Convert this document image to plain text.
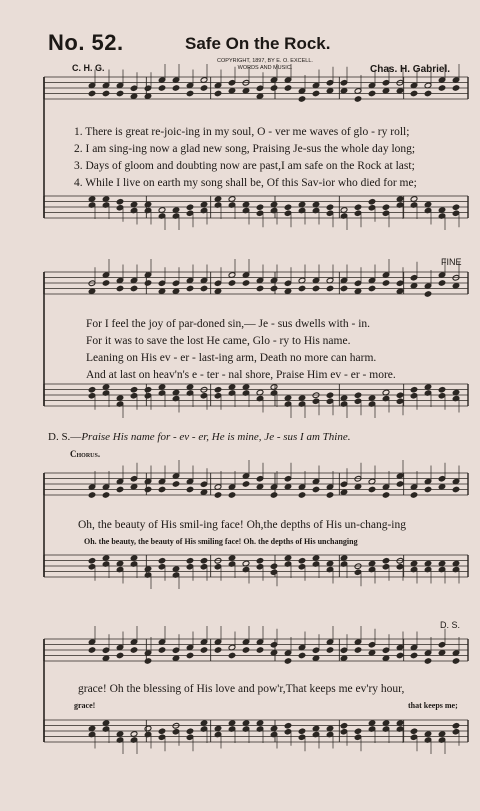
No. 52.	Safe On the Rock.
COPYRIGHT, 1897, BY E. O. EXCELL.
WORDS AND MUSIC.
C. H. G.	Chas. H. Gabriel.
1. There is great re-joic-ing in my soul, O - ver me waves of glo - ry roll;
2. I am sing-ing now a glad new song, Praising Je-sus the whole day long;
3. Days of gloom and doubting now are past,I am safe on the Rock at last;
4. While I live on earth my song shall be, Of this Sav-ior who died for me;
FINE
For I feel the joy of par-doned sin,— Je - sus dwells with - in.
For it was to save the lost He came, Glo - ry to His name.
Leaning on His ev - er - last-ing arm, Death no more can harm.
And at last on heav'n's e - ter - nal shore, Praise Him ev - er - more.
D. S.—Praise His name for - ev - er, He is mine, Je - sus I am Thine.
Chorus.
Oh, the beauty of His smil-ing face! Oh,the depths of His un-chang-ing
Oh. the beauty, the beauty of His smiling face! Oh. the depths of His unchanging
D. S.
grace! Oh the blessing of His love and pow'r,That keeps me ev'ry hour,
grace!	that keeps me;
